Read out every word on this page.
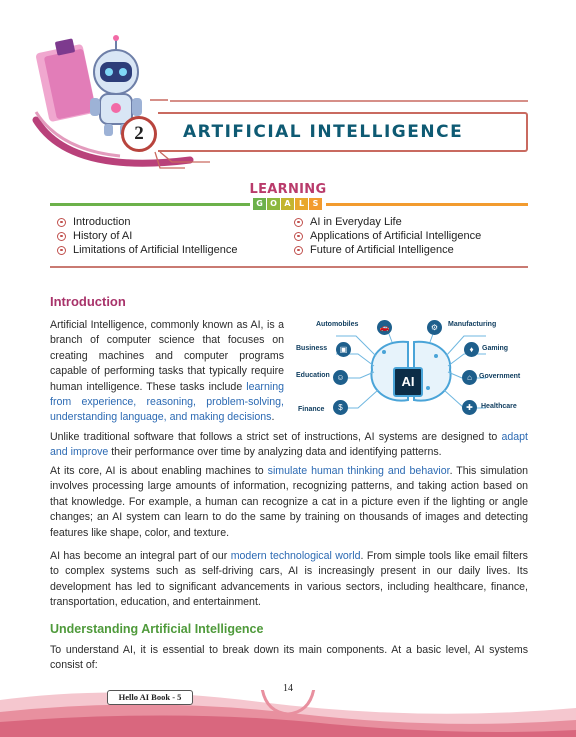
2	ARTIFICIAL INTELLIGENCE
LEARNING
G O A	L	S
Introduction
History of AI
Limitations of Artificial Intelligence
AI in Everyday Life
Applications of Artificial Intelligence
Future of Artificial Intelligence
Introduction

Artificial Intelligence, commonly known as AI, is a branch of computer science that focuses on creating machines and computer programs capable of performing tasks that typically require human intelligence. These tasks include learning from experience, reasoning, problem-solving, understanding language, and making decisions.

AI
Automobiles	🚗	⚙	Manufacturing
Business	▣	♦	Gaming
Education ☺	⌂	Government
Finance	$	✚	Healthcare

Unlike traditional software that follows a strict set of instructions, AI systems are designed to adapt and improve their performance over time by analyzing data and identifying patterns.

At its core, AI is about enabling machines to simulate human thinking and behavior. This simulation involves processing large amounts of information, recognizing patterns, and taking action based on that knowledge. For example, a human can recognize a cat in a picture even if the lighting or angle changes; an AI system can learn to do the same by training on thousands of images and detecting features like shape, color, and texture.

AI has become an integral part of our modern technological world. From simple tools like email filters to complex systems such as self-driving cars, AI is increasingly present in our daily lives. Its development has led to significant advancements in various sectors, including healthcare, finance, transportation, education, and entertainment.

Understanding Artificial Intelligence

To understand AI, it is essential to break down its main components. At a basic level, AI systems consist of:

Hello AI Book - 5
14
